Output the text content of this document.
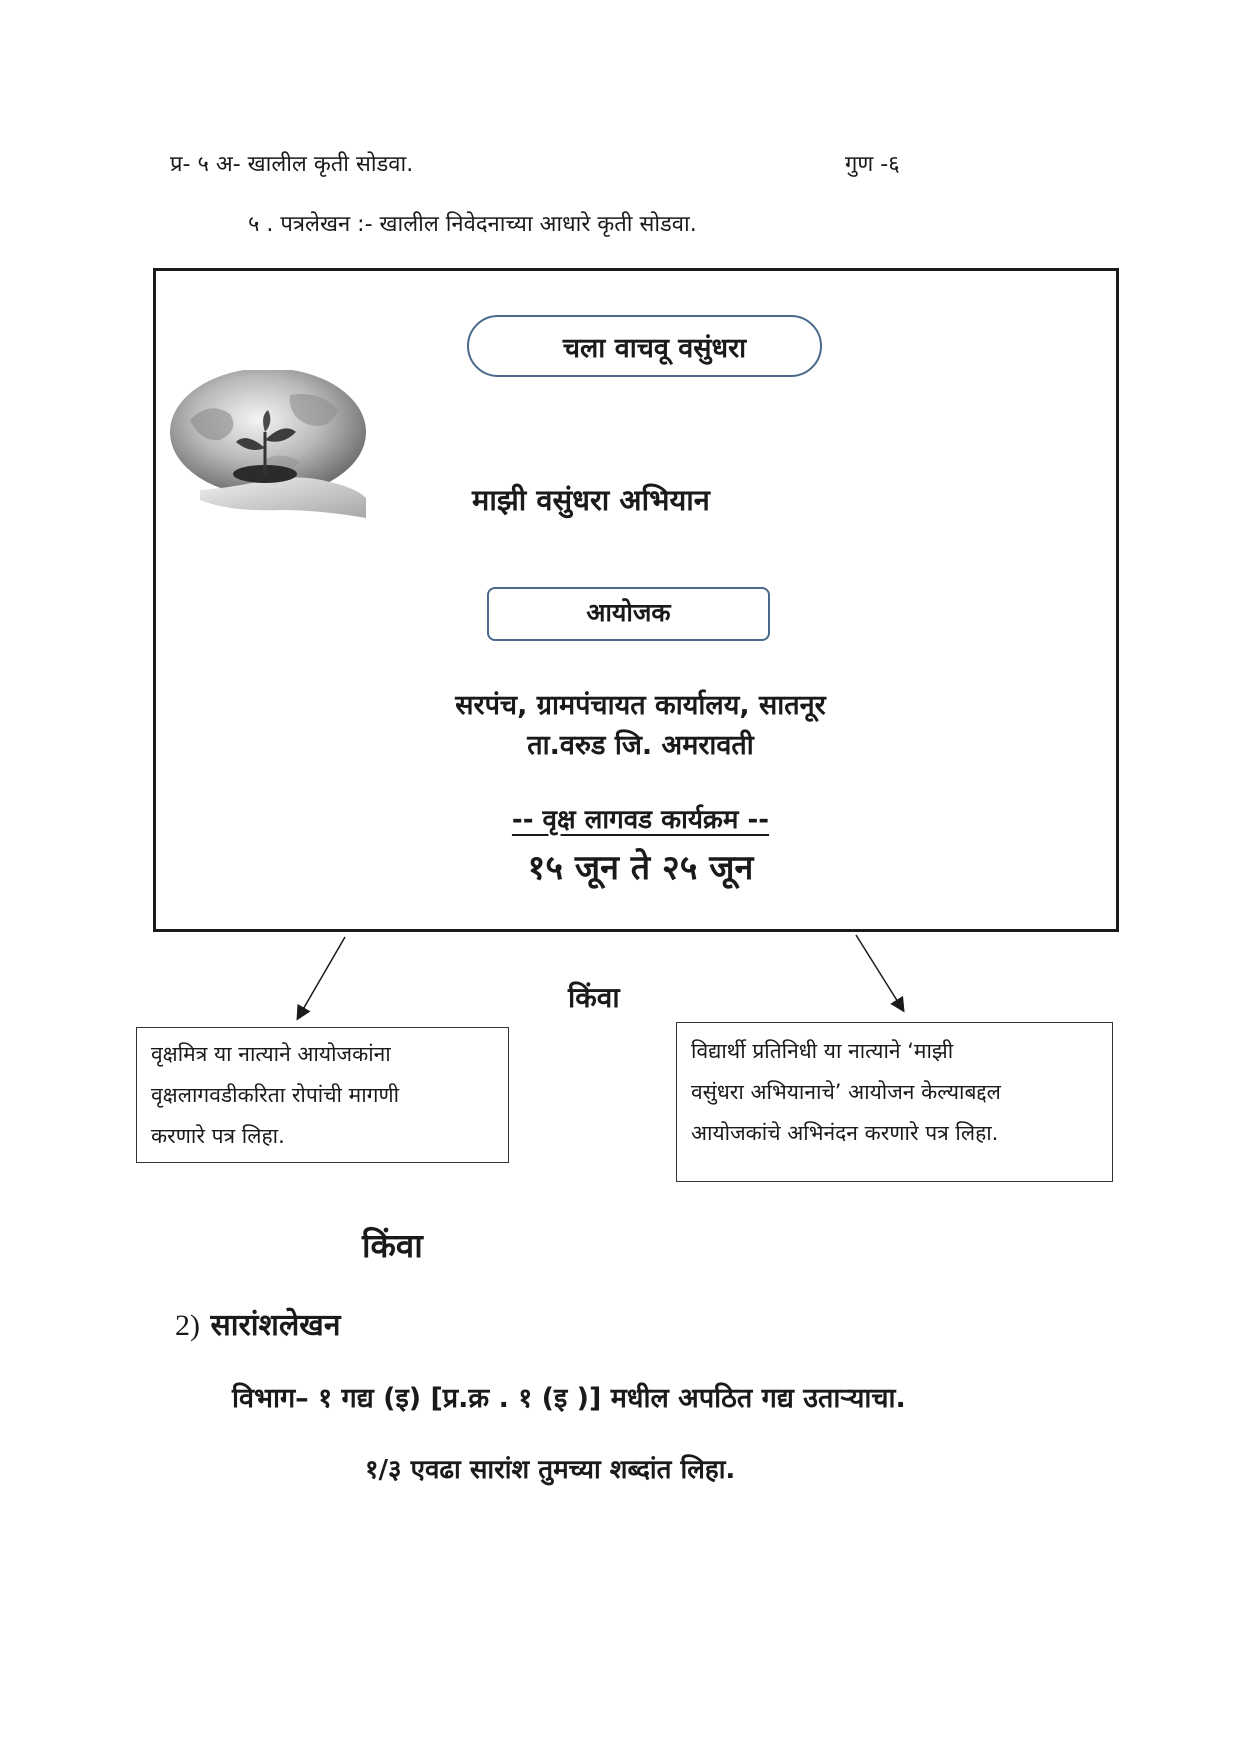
प्र- ५ अ- खालील कृती सोडवा.	गुण -६
५ . पत्रलेखन :- खालील निवेदनाच्या आधारे कृती सोडवा.
चला वाचवू वसुंधरा
माझी वसुंधरा अभियान
आयोजक
सरपंच, ग्रामपंचायत कार्यालय, सातनूर
ता.वरुड जि. अमरावती
-- वृक्ष लागवड कार्यक्रम --
१५ जून ते २५ जून
किंवा
वृक्षमित्र या नात्याने आयोजकांना
वृक्षलागवडीकरिता रोपांची मागणी
करणारे पत्र लिहा.
विद्यार्थी प्रतिनिधी या नात्याने ‘माझी
वसुंधरा अभियानाचे’ आयोजन केल्याबद्दल
आयोजकांचे अभिनंदन करणारे पत्र लिहा.
किंवा
2) सारांशलेखन
विभाग– १ गद्य (इ) [प्र.क्र . १ (इ )] मधील अपठित गद्य उताऱ्याचा.
१/३ एवढा सारांश तुमच्या शब्दांत लिहा.
